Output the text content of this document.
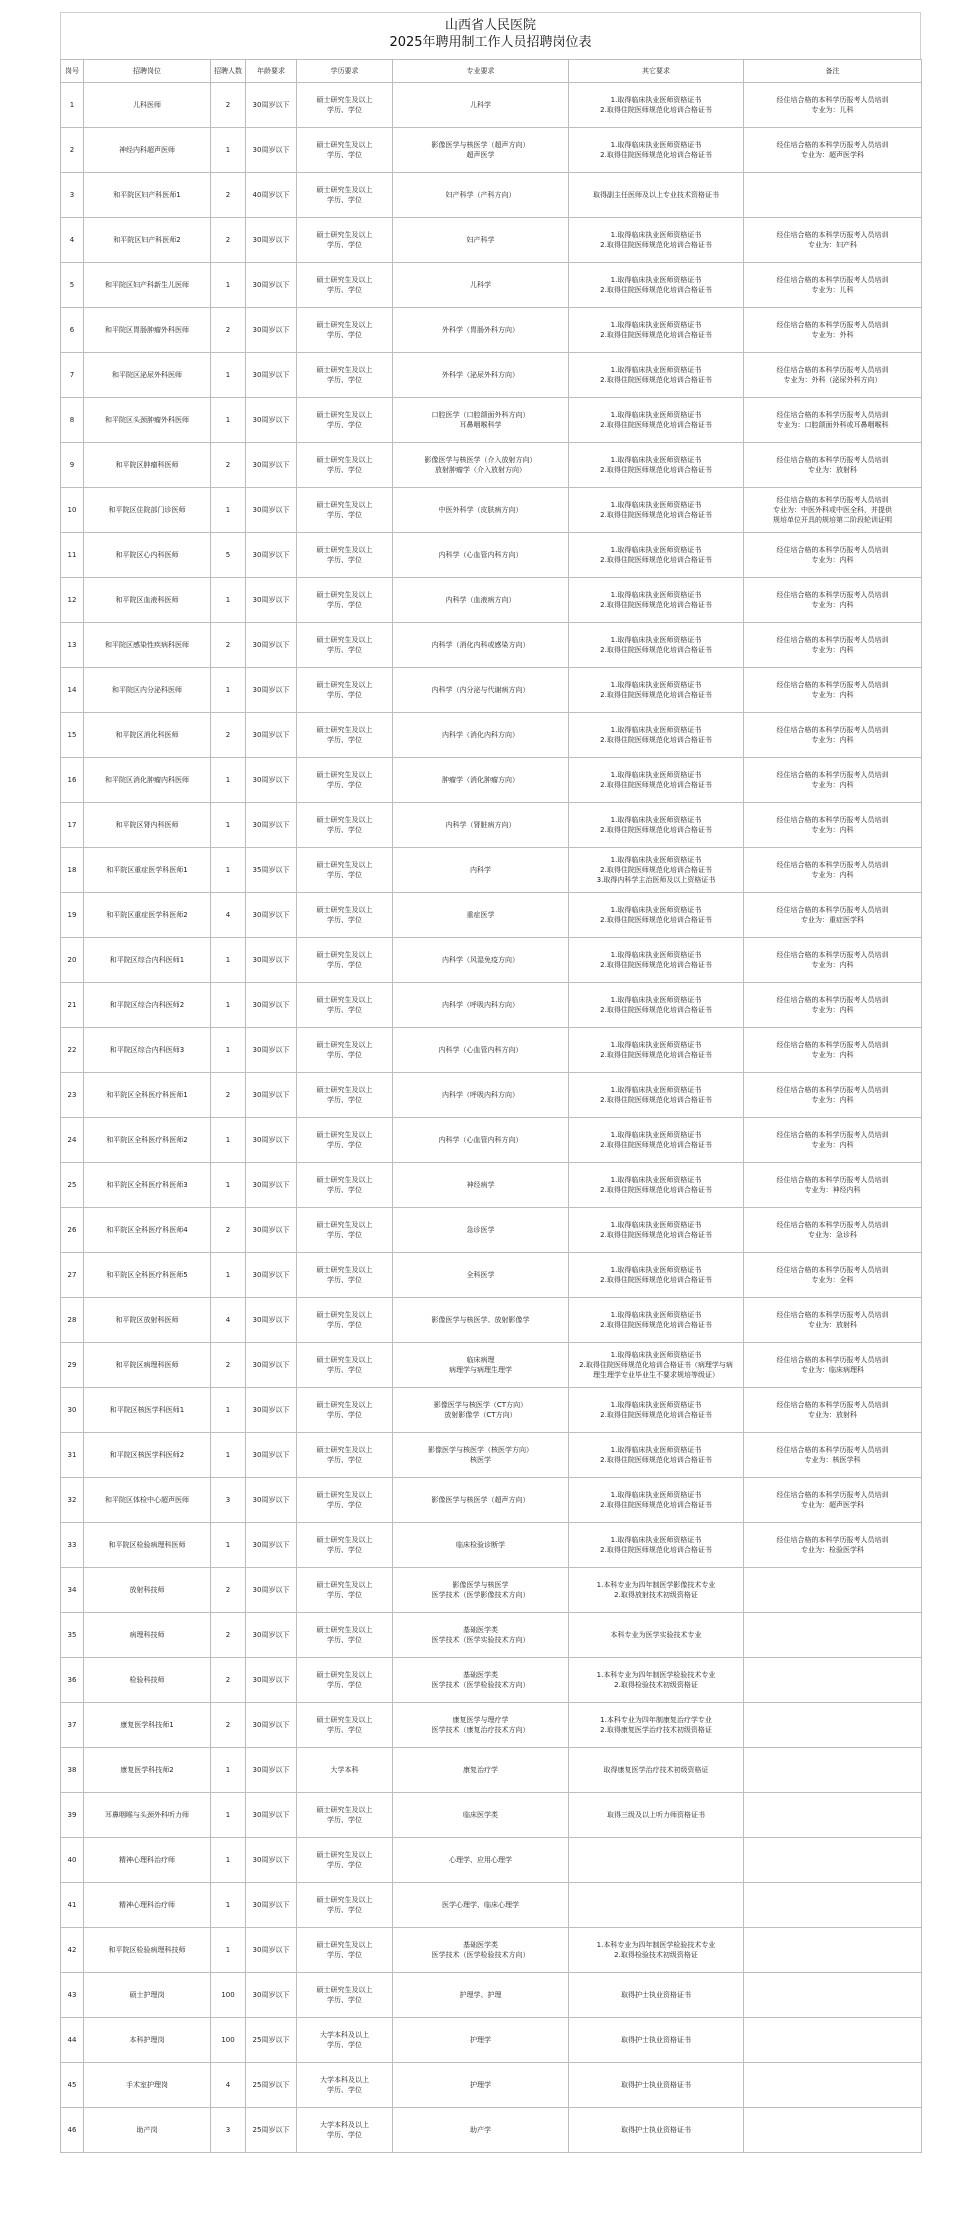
山西省人民医院
2025年聘用制工作人员招聘岗位表
岗号	招聘岗位	招聘人数	年龄要求	学历要求	专业要求	其它要求	备注
1	儿科医师	2	30周岁以下	硕士研究生及以上
学历、学位	儿科学	1.取得临床执业医师资格证书
2.取得住院医师规范化培训合格证书	经住培合格的本科学历报考人员培训
专业为：儿科
2	神经内科超声医师	1	30周岁以下	硕士研究生及以上
学历、学位	影像医学与核医学（超声方向）
超声医学	1.取得临床执业医师资格证书
2.取得住院医师规范化培训合格证书	经住培合格的本科学历报考人员培训
专业为：超声医学科
3	和平院区妇产科医师1	2	40周岁以下	硕士研究生及以上
学历、学位	妇产科学（产科方向）	取得副主任医师及以上专业技术资格证书	
4	和平院区妇产科医师2	2	30周岁以下	硕士研究生及以上
学历、学位	妇产科学	1.取得临床执业医师资格证书
2.取得住院医师规范化培训合格证书	经住培合格的本科学历报考人员培训
专业为：妇产科
5	和平院区妇产科新生儿医师	1	30周岁以下	硕士研究生及以上
学历、学位	儿科学	1.取得临床执业医师资格证书
2.取得住院医师规范化培训合格证书	经住培合格的本科学历报考人员培训
专业为：儿科
6	和平院区胃肠肿瘤外科医师	2	30周岁以下	硕士研究生及以上
学历、学位	外科学（胃肠外科方向）	1.取得临床执业医师资格证书
2.取得住院医师规范化培训合格证书	经住培合格的本科学历报考人员培训
专业为：外科
7	和平院区泌尿外科医师	1	30周岁以下	硕士研究生及以上
学历、学位	外科学（泌尿外科方向）	1.取得临床执业医师资格证书
2.取得住院医师规范化培训合格证书	经住培合格的本科学历报考人员培训
专业为：外科（泌尿外科方向）
8	和平院区头颈肿瘤外科医师	1	30周岁以下	硕士研究生及以上
学历、学位	口腔医学（口腔颌面外科方向）
耳鼻咽喉科学	1.取得临床执业医师资格证书
2.取得住院医师规范化培训合格证书	经住培合格的本科学历报考人员培训
专业为：口腔颌面外科或耳鼻咽喉科
9	和平院区肿瘤科医师	2	30周岁以下	硕士研究生及以上
学历、学位	影像医学与核医学（介入放射方向）
放射肿瘤学（介入放射方向）	1.取得临床执业医师资格证书
2.取得住院医师规范化培训合格证书	经住培合格的本科学历报考人员培训
专业为：放射科
10	和平院区住院部门诊医师	1	30周岁以下	硕士研究生及以上
学历、学位	中医外科学（皮肤病方向）	1.取得临床执业医师资格证书
2.取得住院医师规范化培训合格证书	经住培合格的本科学历报考人员培训
专业为：中医外科或中医全科，并提供
规培单位开具的规培第二阶段轮训证明
11	和平院区心内科医师	5	30周岁以下	硕士研究生及以上
学历、学位	内科学（心血管内科方向）	1.取得临床执业医师资格证书
2.取得住院医师规范化培训合格证书	经住培合格的本科学历报考人员培训
专业为：内科
12	和平院区血液科医师	1	30周岁以下	硕士研究生及以上
学历、学位	内科学（血液病方向）	1.取得临床执业医师资格证书
2.取得住院医师规范化培训合格证书	经住培合格的本科学历报考人员培训
专业为：内科
13	和平院区感染性疾病科医师	2	30周岁以下	硕士研究生及以上
学历、学位	内科学（消化内科或感染方向）	1.取得临床执业医师资格证书
2.取得住院医师规范化培训合格证书	经住培合格的本科学历报考人员培训
专业为：内科
14	和平院区内分泌科医师	1	30周岁以下	硕士研究生及以上
学历、学位	内科学（内分泌与代谢病方向）	1.取得临床执业医师资格证书
2.取得住院医师规范化培训合格证书	经住培合格的本科学历报考人员培训
专业为：内科
15	和平院区消化科医师	2	30周岁以下	硕士研究生及以上
学历、学位	内科学（消化内科方向）	1.取得临床执业医师资格证书
2.取得住院医师规范化培训合格证书	经住培合格的本科学历报考人员培训
专业为：内科
16	和平院区消化肿瘤内科医师	1	30周岁以下	硕士研究生及以上
学历、学位	肿瘤学（消化肿瘤方向）	1.取得临床执业医师资格证书
2.取得住院医师规范化培训合格证书	经住培合格的本科学历报考人员培训
专业为：内科
17	和平院区肾内科医师	1	30周岁以下	硕士研究生及以上
学历、学位	内科学（肾脏病方向）	1.取得临床执业医师资格证书
2.取得住院医师规范化培训合格证书	经住培合格的本科学历报考人员培训
专业为：内科
18	和平院区重症医学科医师1	1	35周岁以下	硕士研究生及以上
学历、学位	内科学	1.取得临床执业医师资格证书
2.取得住院医师规范化培训合格证书
3.取得内科学主治医师及以上资格证书	经住培合格的本科学历报考人员培训
专业为：内科
19	和平院区重症医学科医师2	4	30周岁以下	硕士研究生及以上
学历、学位	重症医学	1.取得临床执业医师资格证书
2.取得住院医师规范化培训合格证书	经住培合格的本科学历报考人员培训
专业为：重症医学科
20	和平院区综合内科医师1	1	30周岁以下	硕士研究生及以上
学历、学位	内科学（风湿免疫方向）	1.取得临床执业医师资格证书
2.取得住院医师规范化培训合格证书	经住培合格的本科学历报考人员培训
专业为：内科
21	和平院区综合内科医师2	1	30周岁以下	硕士研究生及以上
学历、学位	内科学（呼吸内科方向）	1.取得临床执业医师资格证书
2.取得住院医师规范化培训合格证书	经住培合格的本科学历报考人员培训
专业为：内科
22	和平院区综合内科医师3	1	30周岁以下	硕士研究生及以上
学历、学位	内科学（心血管内科方向）	1.取得临床执业医师资格证书
2.取得住院医师规范化培训合格证书	经住培合格的本科学历报考人员培训
专业为：内科
23	和平院区全科医疗科医师1	2	30周岁以下	硕士研究生及以上
学历、学位	内科学（呼吸内科方向）	1.取得临床执业医师资格证书
2.取得住院医师规范化培训合格证书	经住培合格的本科学历报考人员培训
专业为：内科
24	和平院区全科医疗科医师2	1	30周岁以下	硕士研究生及以上
学历、学位	内科学（心血管内科方向）	1.取得临床执业医师资格证书
2.取得住院医师规范化培训合格证书	经住培合格的本科学历报考人员培训
专业为：内科
25	和平院区全科医疗科医师3	1	30周岁以下	硕士研究生及以上
学历、学位	神经病学	1.取得临床执业医师资格证书
2.取得住院医师规范化培训合格证书	经住培合格的本科学历报考人员培训
专业为：神经内科
26	和平院区全科医疗科医师4	2	30周岁以下	硕士研究生及以上
学历、学位	急诊医学	1.取得临床执业医师资格证书
2.取得住院医师规范化培训合格证书	经住培合格的本科学历报考人员培训
专业为：急诊科
27	和平院区全科医疗科医师5	1	30周岁以下	硕士研究生及以上
学历、学位	全科医学	1.取得临床执业医师资格证书
2.取得住院医师规范化培训合格证书	经住培合格的本科学历报考人员培训
专业为：全科
28	和平院区放射科医师	4	30周岁以下	硕士研究生及以上
学历、学位	影像医学与核医学、放射影像学	1.取得临床执业医师资格证书
2.取得住院医师规范化培训合格证书	经住培合格的本科学历报考人员培训
专业为：放射科
29	和平院区病理科医师	2	30周岁以下	硕士研究生及以上
学历、学位	临床病理
病理学与病理生理学	1.取得临床执业医师资格证书
2.取得住院医师规范化培训合格证书（病理学与病
理生理学专业毕业生不要求规培等级证）	经住培合格的本科学历报考人员培训
专业为：临床病理科
30	和平院区核医学科医师1	1	30周岁以下	硕士研究生及以上
学历、学位	影像医学与核医学（CT方向）
放射影像学（CT方向）	1.取得临床执业医师资格证书
2.取得住院医师规范化培训合格证书	经住培合格的本科学历报考人员培训
专业为：放射科
31	和平院区核医学科医师2	1	30周岁以下	硕士研究生及以上
学历、学位	影像医学与核医学（核医学方向）
核医学	1.取得临床执业医师资格证书
2.取得住院医师规范化培训合格证书	经住培合格的本科学历报考人员培训
专业为：核医学科
32	和平院区体检中心超声医师	3	30周岁以下	硕士研究生及以上
学历、学位	影像医学与核医学（超声方向）	1.取得临床执业医师资格证书
2.取得住院医师规范化培训合格证书	经住培合格的本科学历报考人员培训
专业为：超声医学科
33	和平院区检验病理科医师	1	30周岁以下	硕士研究生及以上
学历、学位	临床检验诊断学	1.取得临床执业医师资格证书
2.取得住院医师规范化培训合格证书	经住培合格的本科学历报考人员培训
专业为：检验医学科
34	放射科技师	2	30周岁以下	硕士研究生及以上
学历、学位	影像医学与核医学
医学技术（医学影像技术方向）	1.本科专业为四年制医学影像技术专业
2.取得放射技术初级资格证	
35	病理科技师	2	30周岁以下	硕士研究生及以上
学历、学位	基础医学类
医学技术（医学实验技术方向）	本科专业为医学实验技术专业	
36	检验科技师	2	30周岁以下	硕士研究生及以上
学历、学位	基础医学类
医学技术（医学检验技术方向）	1.本科专业为四年制医学检验技术专业
2.取得检验技术初级资格证	
37	康复医学科技师1	2	30周岁以下	硕士研究生及以上
学历、学位	康复医学与理疗学
医学技术（康复治疗技术方向）	1.本科专业为四年制康复治疗学专业
2.取得康复医学治疗技术初级资格证	
38	康复医学科技师2	1	30周岁以下	大学本科	康复治疗学	取得康复医学治疗技术初级资格证	
39	耳鼻咽喉与头颈外科听力师	1	30周岁以下	硕士研究生及以上
学历、学位	临床医学类	取得三级及以上听力师资格证书	
40	精神心理科治疗师	1	30周岁以下	硕士研究生及以上
学历、学位	心理学、应用心理学		
41	精神心理科治疗师	1	30周岁以下	硕士研究生及以上
学历、学位	医学心理学、临床心理学		
42	和平院区检验病理科技师	1	30周岁以下	硕士研究生及以上
学历、学位	基础医学类
医学技术（医学检验技术方向）	1.本科专业为四年制医学检验技术专业
2.取得检验技术初级资格证	
43	硕士护理岗	100	30周岁以下	硕士研究生及以上
学历、学位	护理学、护理	取得护士执业资格证书	
44	本科护理岗	100	25周岁以下	大学本科及以上
学历、学位	护理学	取得护士执业资格证书	
45	手术室护理岗	4	25周岁以下	大学本科及以上
学历、学位	护理学	取得护士执业资格证书	
46	助产岗	3	25周岁以下	大学本科及以上
学历、学位	助产学	取得护士执业资格证书	
